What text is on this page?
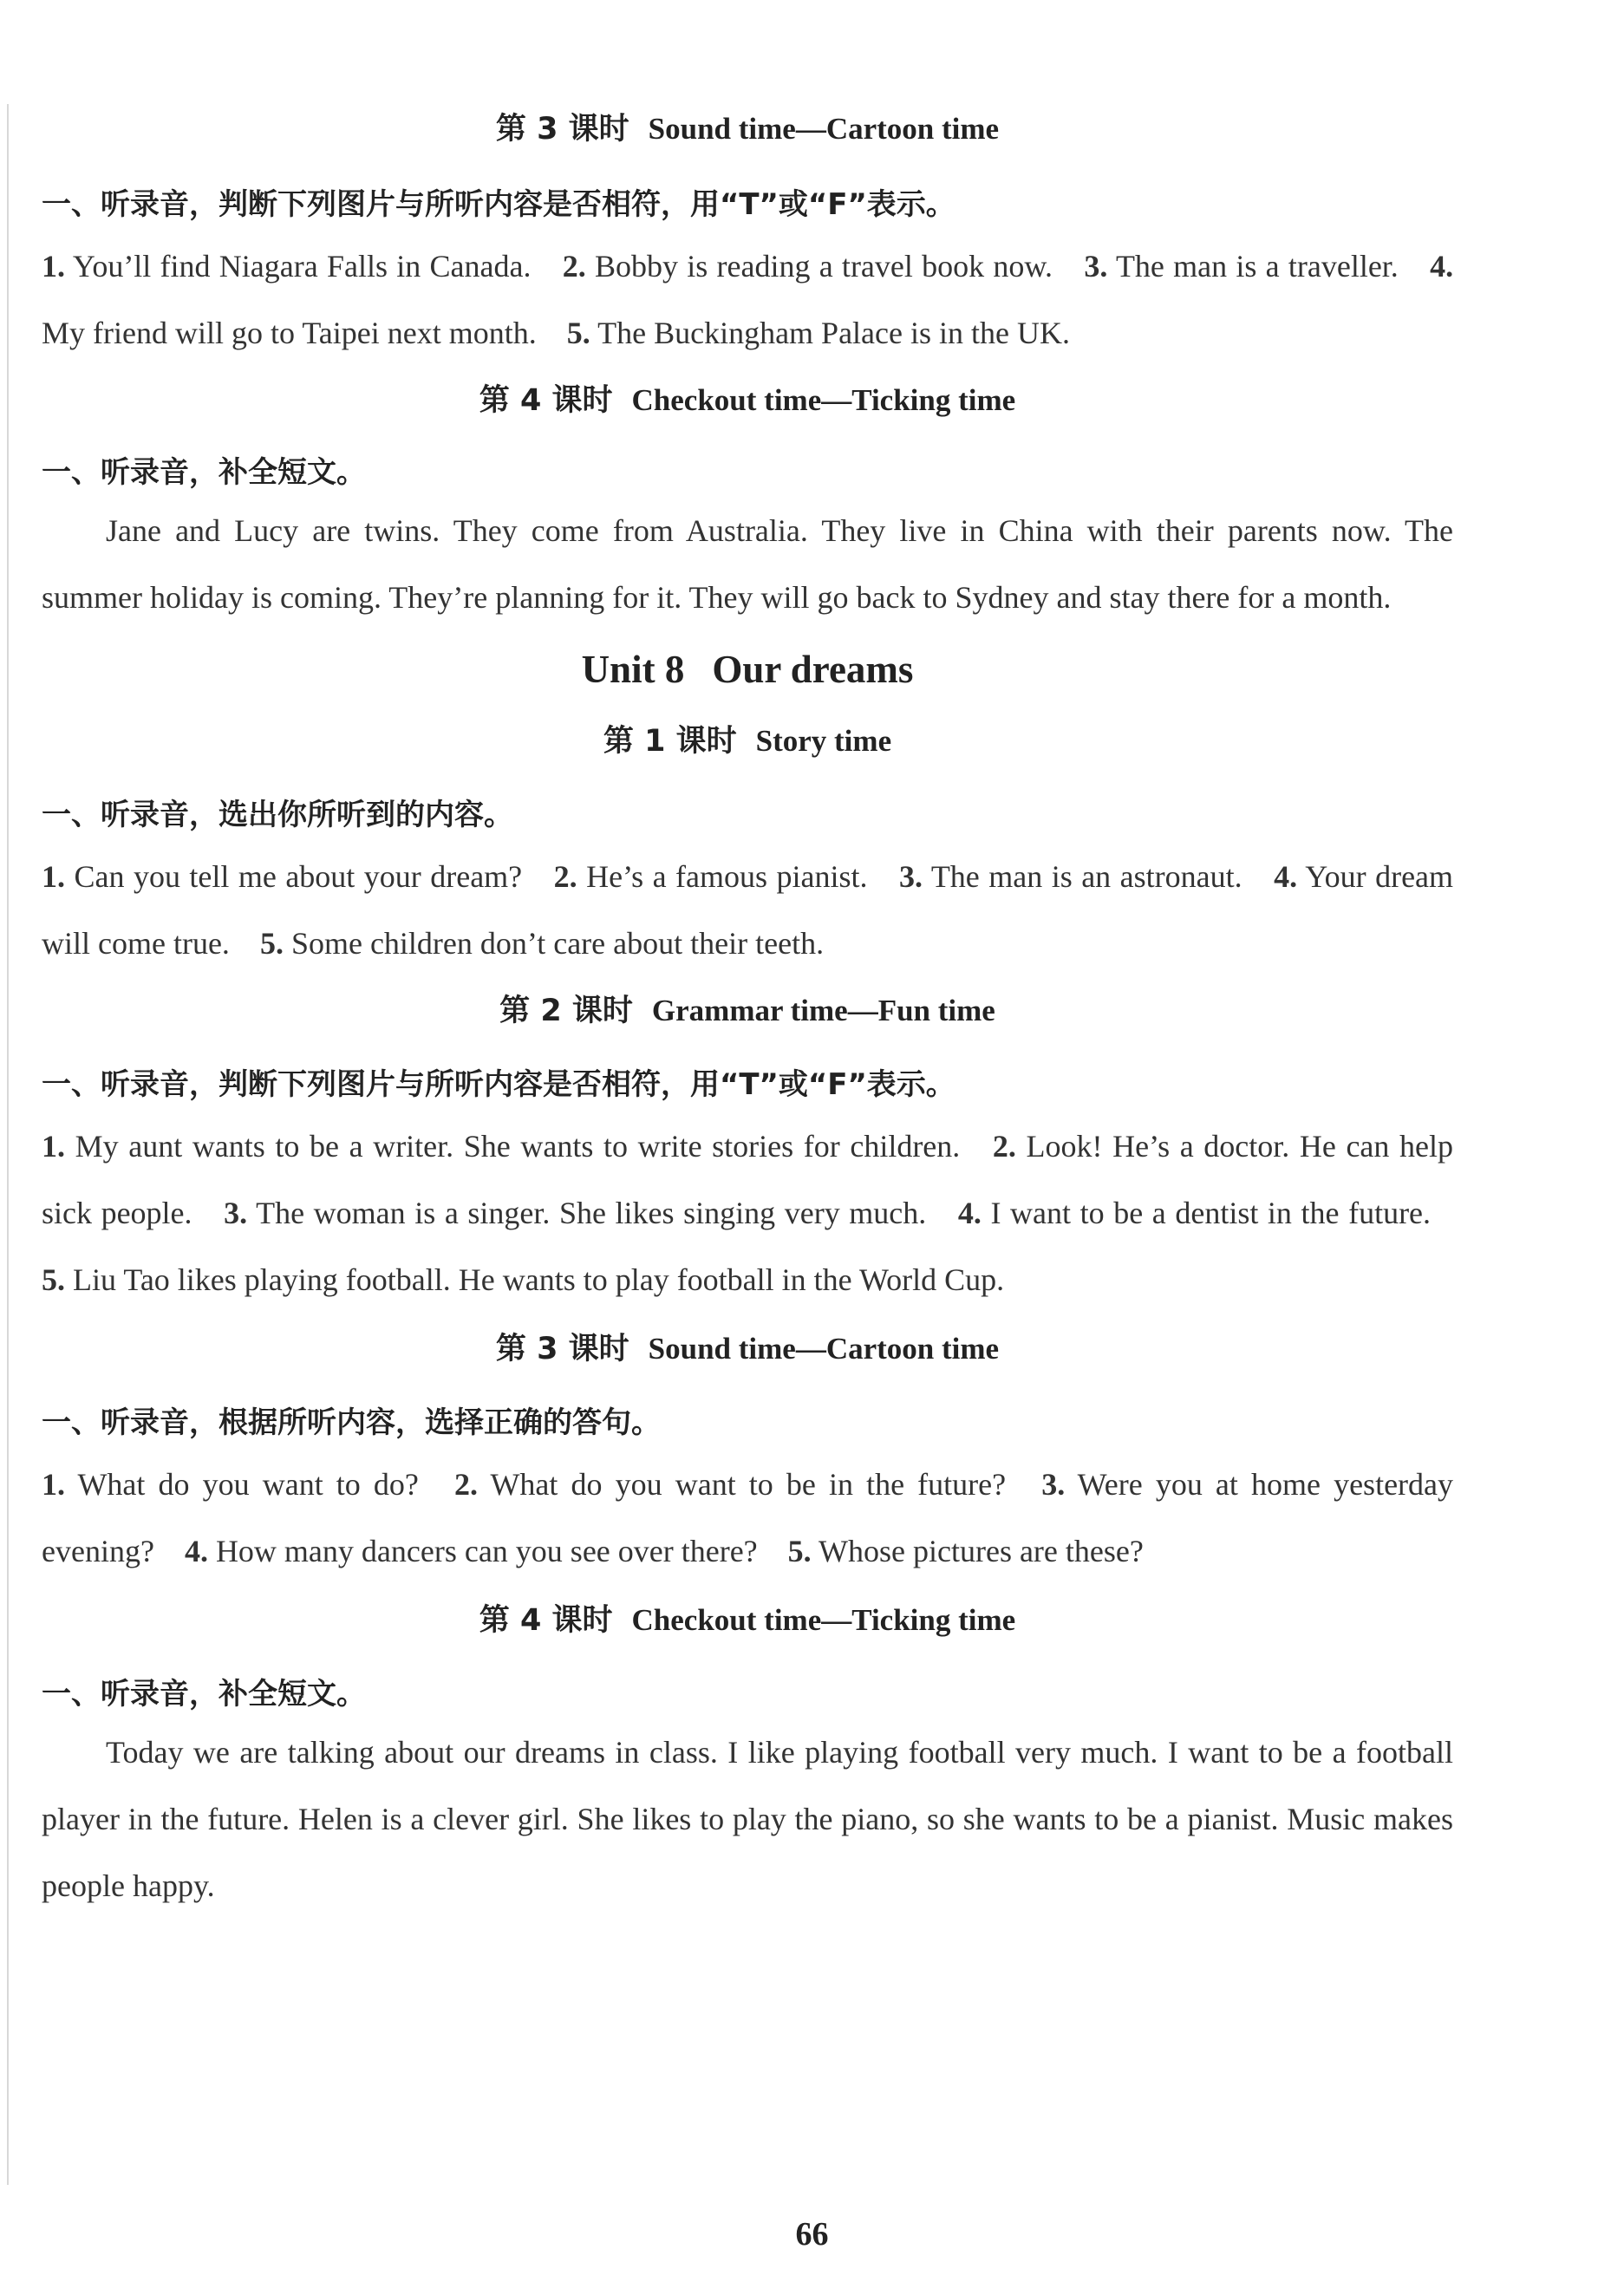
第 3 课时 Sound time—Cartoon time

一、听录音，判断下列图片与所听内容是否相符，用“T”或“F”表示。

1. You’ll find Niagara Falls in Canada. 2. Bobby is reading a travel book now. 3. The man is a traveller. 4. My friend will go to Taipei next month. 5. The Buckingham Palace is in the UK.

第 4 课时 Checkout time—Ticking time

一、听录音，补全短文。

Jane and Lucy are twins. They come from Australia. They live in China with their parents now. The summer holiday is coming. They’re planning for it. They will go back to Sydney and stay there for a month.

Unit 8 Our dreams
第 1 课时 Story time

一、听录音，选出你所听到的内容。

1. Can you tell me about your dream? 2. He’s a famous pianist. 3. The man is an astronaut. 4. Your dream will come true. 5. Some children don’t care about their teeth.

第 2 课时 Grammar time—Fun time

一、听录音，判断下列图片与所听内容是否相符，用“T”或“F”表示。

1. My aunt wants to be a writer. She wants to write stories for children. 2. Look! He’s a doctor. He can help sick people. 3. The woman is a singer. She likes singing very much. 4. I want to be a dentist in the future. 5. Liu Tao likes playing football. He wants to play football in the World Cup.

第 3 课时 Sound time—Cartoon time

一、听录音，根据所听内容，选择正确的答句。

1. What do you want to do? 2. What do you want to be in the future? 3. Were you at home yesterday evening? 4. How many dancers can you see over there? 5. Whose pictures are these?

第 4 课时 Checkout time—Ticking time

一、听录音，补全短文。

Today we are talking about our dreams in class. I like playing football very much. I want to be a football player in the future. Helen is a clever girl. She likes to play the piano, so she wants to be a pianist. Music makes people happy.

66
